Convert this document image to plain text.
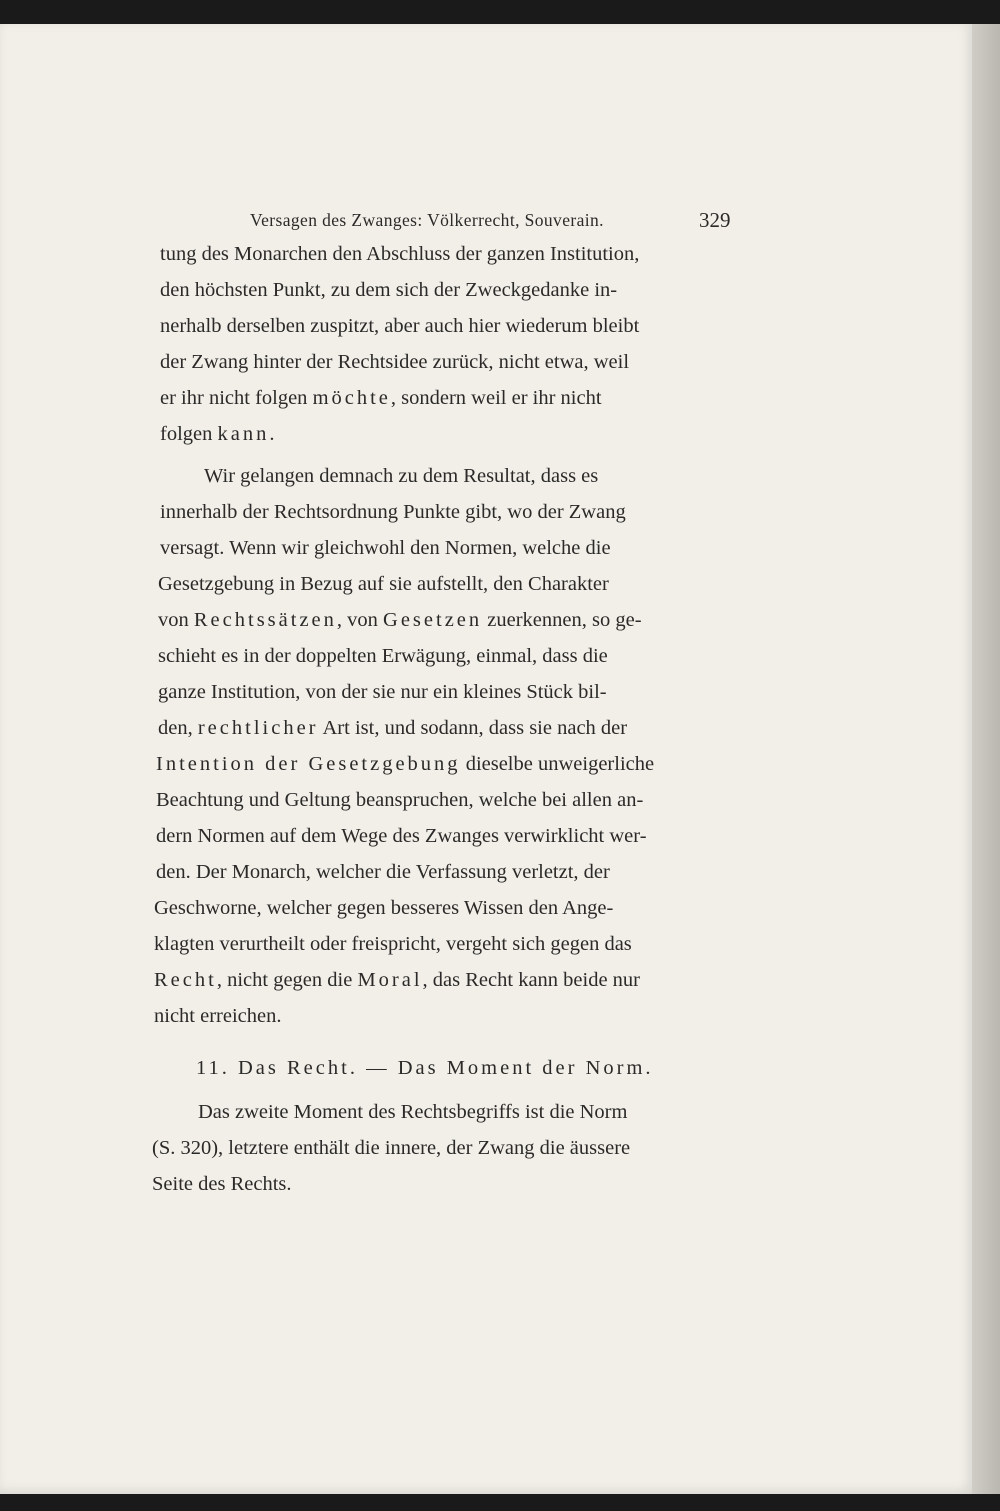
Versagen des Zwanges: Völkerrecht, Souverain.	329
tung des Monarchen den Abschluss der ganzen Institution,
den höchsten Punkt, zu dem sich der Zweckgedanke in-
nerhalb derselben zuspitzt, aber auch hier wiederum bleibt
der Zwang hinter der Rechtsidee zurück, nicht etwa, weil
er ihr nicht folgen möchte, sondern weil er ihr nicht
folgen kann.
Wir gelangen demnach zu dem Resultat, dass es
innerhalb der Rechtsordnung Punkte gibt, wo der Zwang
versagt. Wenn wir gleichwohl den Normen, welche die
Gesetzgebung in Bezug auf sie aufstellt, den Charakter
von Rechtssätzen, von Gesetzen zuerkennen, so ge-
schieht es in der doppelten Erwägung, einmal, dass die
ganze Institution, von der sie nur ein kleines Stück bil-
den, rechtlicher Art ist, und sodann, dass sie nach der
Intention der Gesetzgebung dieselbe unweigerliche
Beachtung und Geltung beanspruchen, welche bei allen an-
dern Normen auf dem Wege des Zwanges verwirklicht wer-
den. Der Monarch, welcher die Verfassung verletzt, der
Geschworne, welcher gegen besseres Wissen den Ange-
klagten verurtheilt oder freispricht, vergeht sich gegen das
Recht, nicht gegen die Moral, das Recht kann beide nur
nicht erreichen.
11. Das Recht. — Das Moment der Norm.
Das zweite Moment des Rechtsbegriffs ist die Norm
(S. 320), letztere enthält die innere, der Zwang die äussere
Seite des Rechts.
